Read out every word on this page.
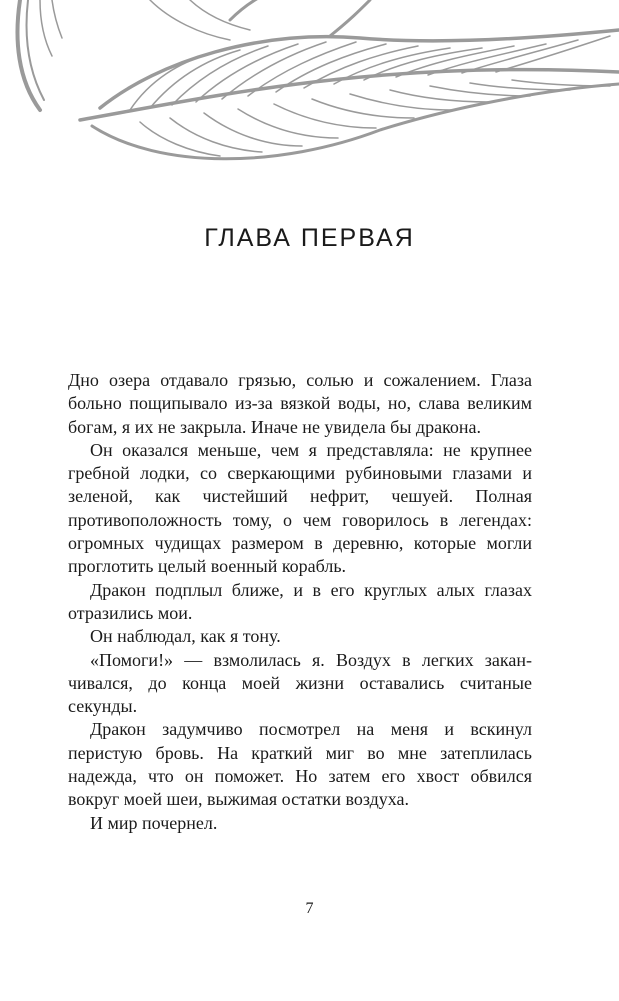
ГЛАВА ПЕРВАЯ

Дно озера отдавало грязью, солью и сожалением. Глаза больно пощипывало из-за вязкой воды, но, слава великим богам, я их не закрыла. Иначе не увидела бы дракона.

Он оказался меньше, чем я представляла: не крупнее гребной лодки, со сверкающими рубиновыми глазами и зеленой, как чистейший нефрит, чешуей. Полная противоположность тому, о чем говорилось в легендах: огромных чудищах размером в деревню, которые могли проглотить целый военный корабль.

Дракон подплыл ближе, и в его круглых алых глазах отразились мои.

Он наблюдал, как я тону.

«Помоги!» — взмолилась я. Воздух в легких заканчивался, до конца моей жизни оставались считаные секунды.

Дракон задумчиво посмотрел на меня и вскинул перистую бровь. На краткий миг во мне затеплилась надежда, что он поможет. Но затем его хвост обвился вокруг моей шеи, выжимая остатки воздуха.

И мир почернел.

7
